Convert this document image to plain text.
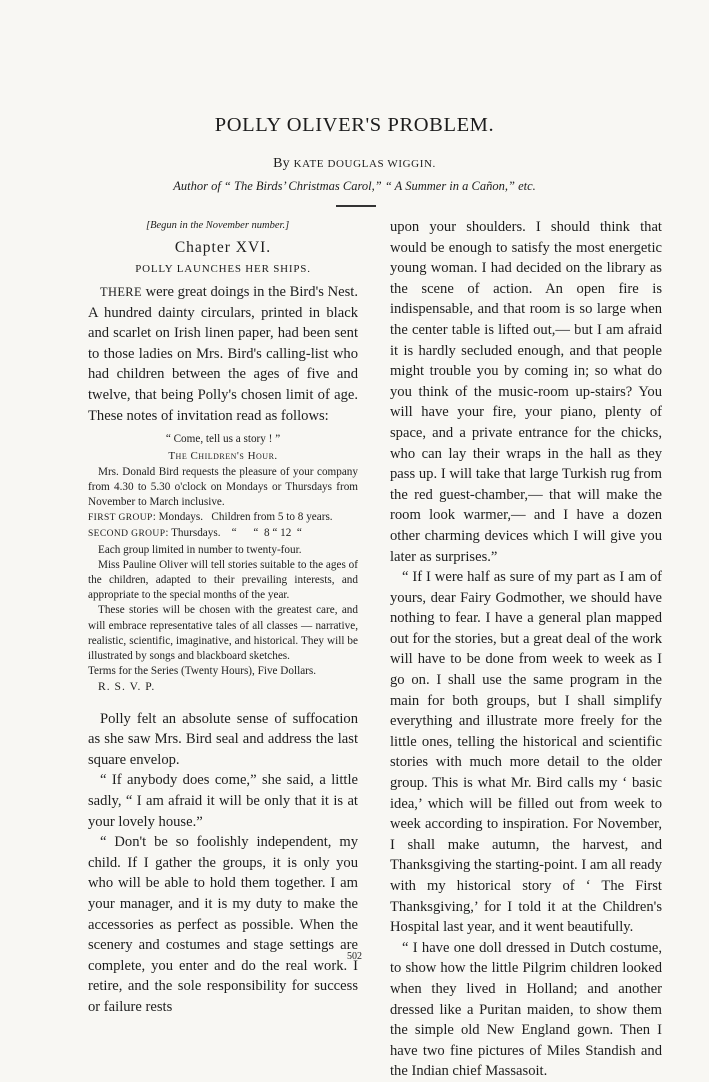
POLLY OLIVER'S PROBLEM.
By KATE DOUGLAS WIGGIN.
Author of “ The Birds’ Christmas Carol,” “ A Summer in a Cañon,” etc.
[Begun in the November number.]
Chapter XVI.
POLLY LAUNCHES HER SHIPS.

THERE were great doings in the Bird's Nest. A hundred dainty circulars, printed in black and scarlet on Irish linen paper, had been sent to those ladies on Mrs. Bird's calling-list who had children between the ages of five and twelve, that being Polly's chosen limit of age. These notes of invitation read as follows:

“ Come, tell us a story ! ”
The Children's Hour.

Mrs. Donald Bird requests the pleasure of your company from 4.30 to 5.30 o'clock on Mondays or Thursdays from November to March inclusive.

FIRST GROUP: Mondays.   Children from 5 to 8 years.
SECOND GROUP: Thursdays.    “      “  8 “ 12  “

Each group limited in number to twenty-four.

Miss Pauline Oliver will tell stories suitable to the ages of the children, adapted to their prevailing interests, and appropriate to the special months of the year.

These stories will be chosen with the greatest care, and will embrace representative tales of all classes — narrative, realistic, scientific, imaginative, and historical. They will be illustrated by songs and blackboard sketches.

Terms for the Series (Twenty Hours), Five Dollars.

R. S. V. P.

Polly felt an absolute sense of suffocation as she saw Mrs. Bird seal and address the last square envelop.

“ If anybody does come,” she said, a little sadly, “ I am afraid it will be only that it is at your lovely house.”

“ Don't be so foolishly independent, my child. If I gather the groups, it is only you who will be able to hold them together. I am your manager, and it is my duty to make the accessories as perfect as possible. When the scenery and costumes and stage settings are complete, you enter and do the real work. I retire, and the sole responsibility for success or failure rests

upon your shoulders. I should think that would be enough to satisfy the most energetic young woman. I had decided on the library as the scene of action. An open fire is indispensable, and that room is so large when the center table is lifted out,— but I am afraid it is hardly secluded enough, and that people might trouble you by coming in; so what do you think of the music-room up-stairs? You will have your fire, your piano, plenty of space, and a private entrance for the chicks, who can lay their wraps in the hall as they pass up. I will take that large Turkish rug from the red guest-chamber,— that will make the room look warmer,— and I have a dozen other charming devices which I will give you later as surprises.”

“ If I were half as sure of my part as I am of yours, dear Fairy Godmother, we should have nothing to fear. I have a general plan mapped out for the stories, but a great deal of the work will have to be done from week to week as I go on. I shall use the same program in the main for both groups, but I shall simplify everything and illustrate more freely for the little ones, telling the historical and scientific stories with much more detail to the older group. This is what Mr. Bird calls my ‘ basic idea,’ which will be filled out from week to week according to inspiration. For November, I shall make autumn, the harvest, and Thanksgiving the starting-point. I am all ready with my historical story of ‘ The First Thanksgiving,’ for I told it at the Children's Hospital last year, and it went beautifully.

“ I have one doll dressed in Dutch costume, to show how the little Pilgrim children looked when they lived in Holland; and another dressed like a Puritan maiden, to show them the simple old New England gown. Then I have two fine pictures of Miles Standish and the Indian chief Massasoit.

502
